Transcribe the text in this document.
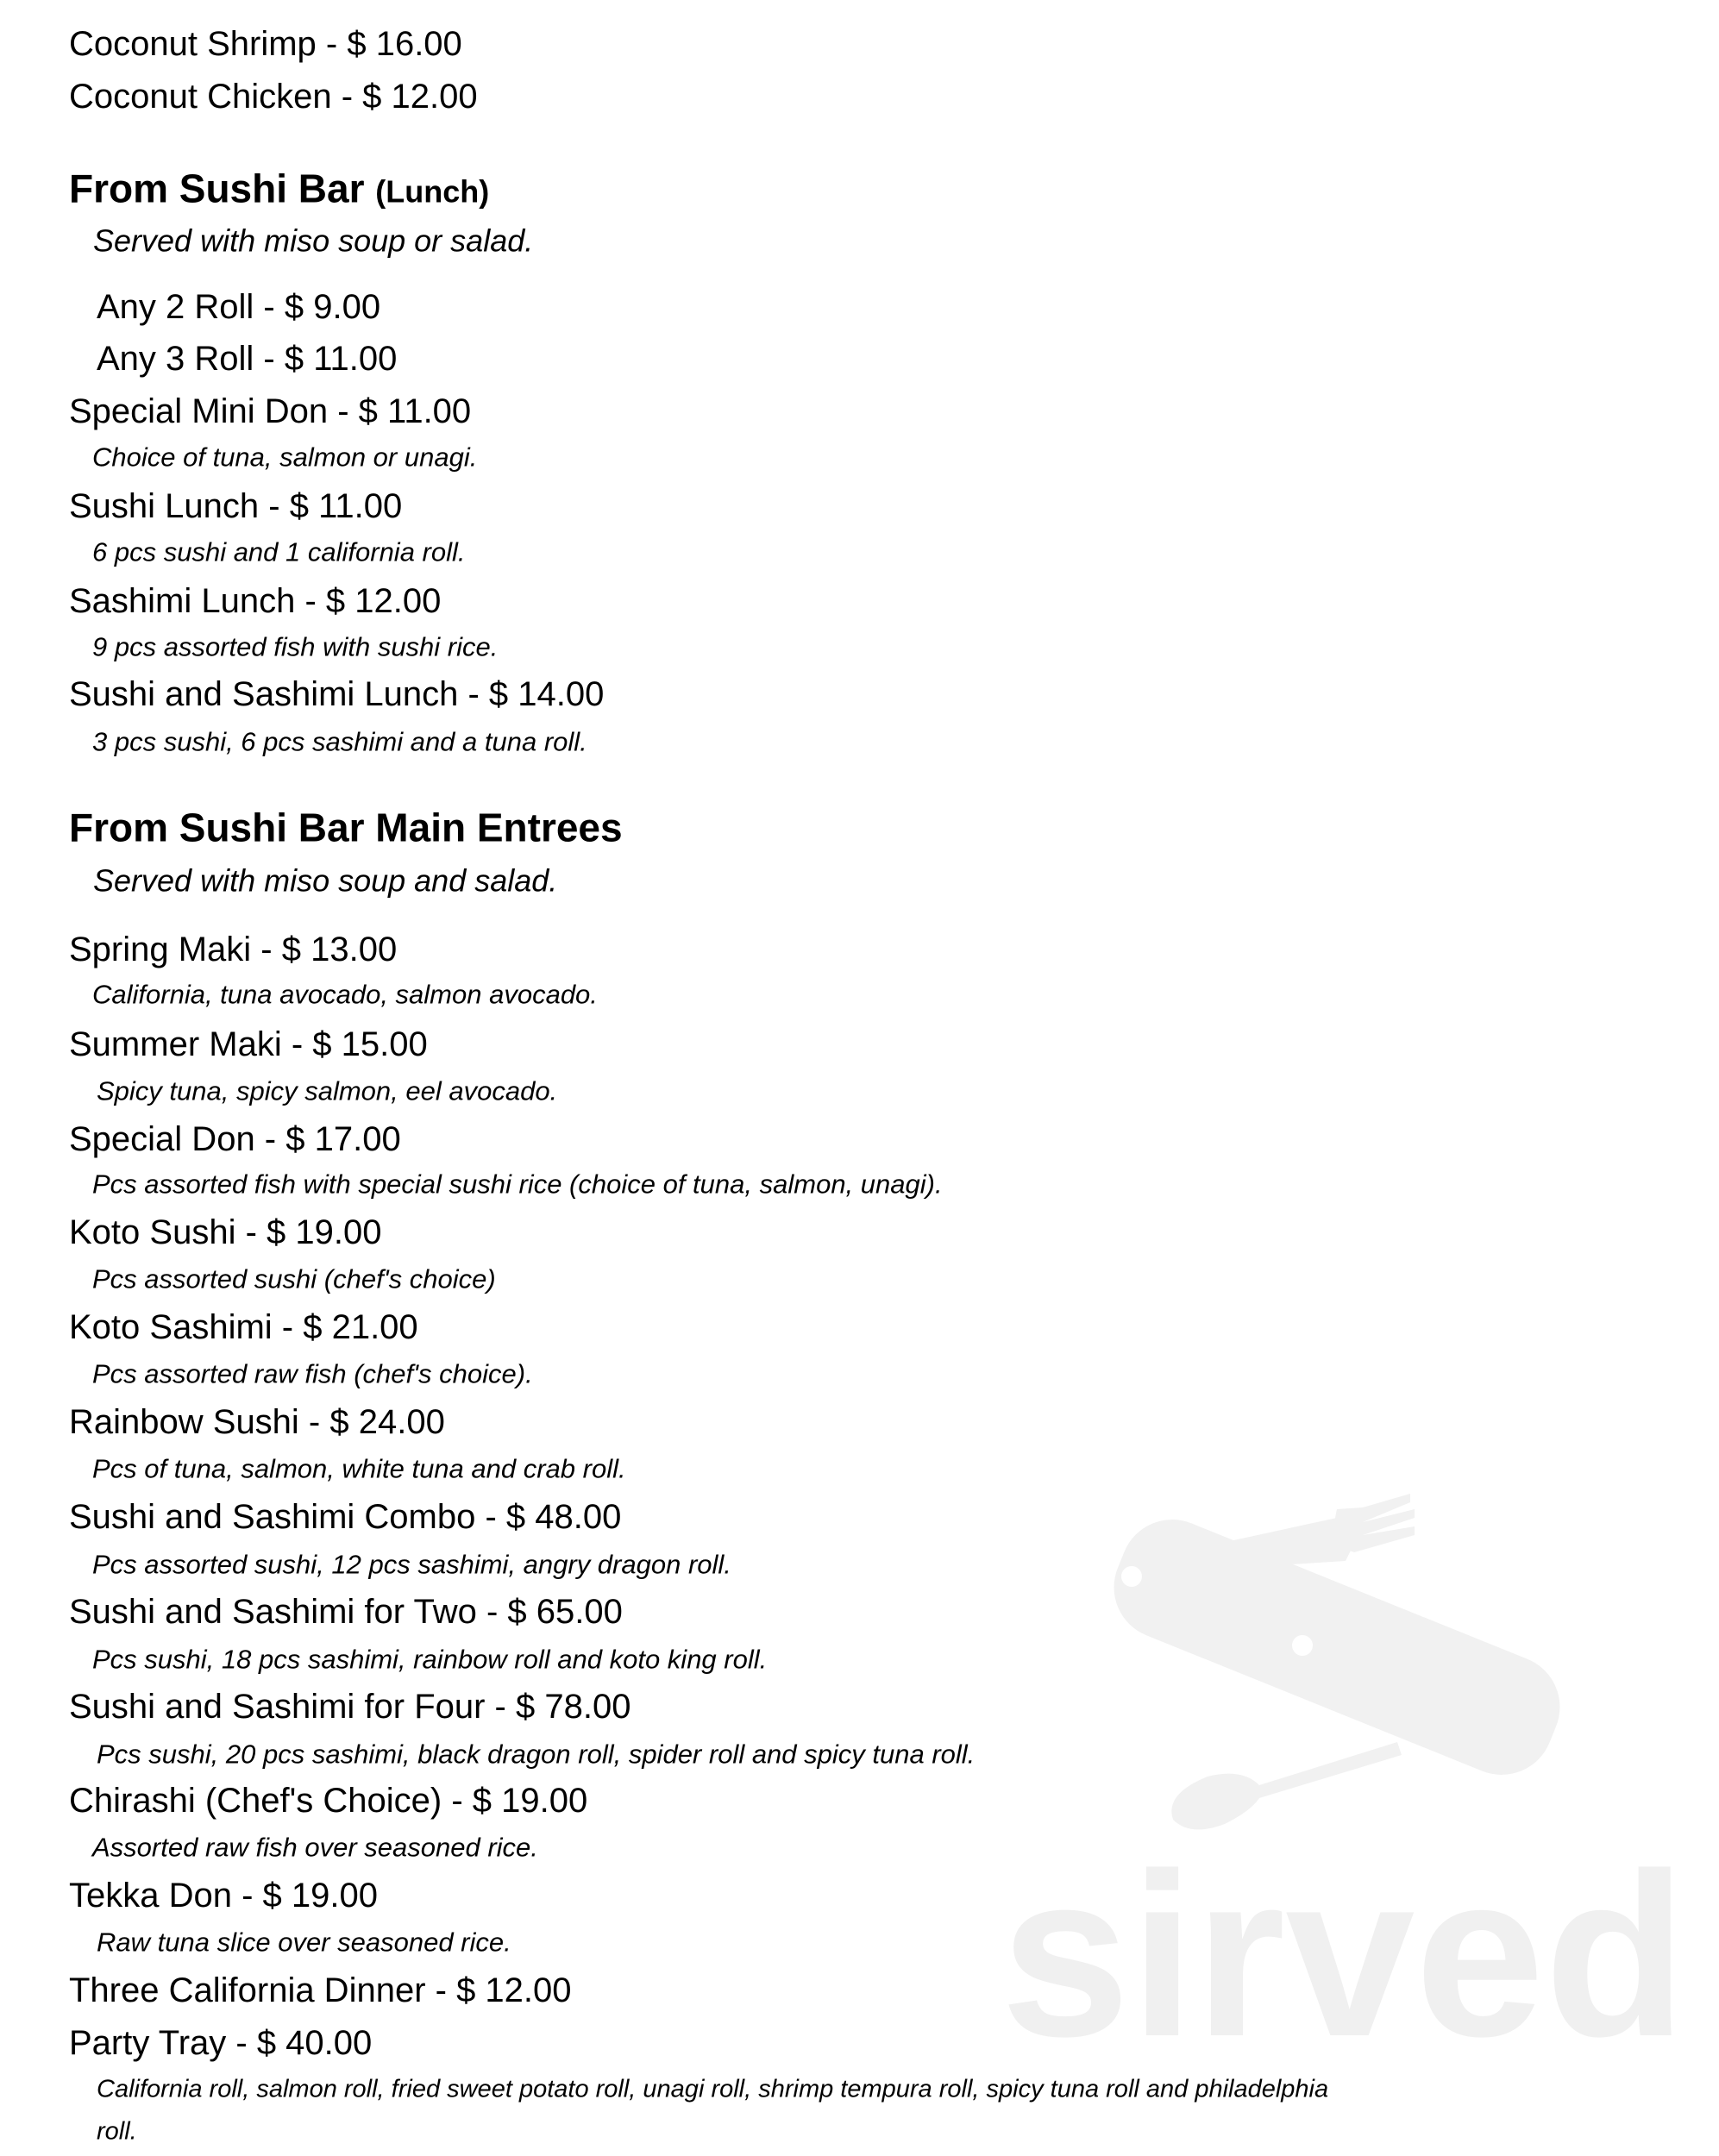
sirved
Coconut Shrimp - $ 16.00
Coconut Chicken - $ 12.00
From Sushi Bar (Lunch)
Served with miso soup or salad.
Any 2 Roll - $ 9.00
Any 3 Roll - $ 11.00
Special Mini Don - $ 11.00
Choice of tuna, salmon or unagi.
Sushi Lunch - $ 11.00
6 pcs sushi and 1 california roll.
Sashimi Lunch - $ 12.00
9 pcs assorted fish with sushi rice.
Sushi and Sashimi Lunch - $ 14.00
3 pcs sushi, 6 pcs sashimi and a tuna roll.
From Sushi Bar Main Entrees
Served with miso soup and salad.
Spring Maki - $ 13.00
California, tuna avocado, salmon avocado.
Summer Maki - $ 15.00
Spicy tuna, spicy salmon, eel avocado.
Special Don - $ 17.00
Pcs assorted fish with special sushi rice (choice of tuna, salmon, unagi).
Koto Sushi - $ 19.00
Pcs assorted sushi (chef's choice)
Koto Sashimi - $ 21.00
Pcs assorted raw fish (chef's choice).
Rainbow Sushi - $ 24.00
Pcs of tuna, salmon, white tuna and crab roll.
Sushi and Sashimi Combo - $ 48.00
Pcs assorted sushi, 12 pcs sashimi, angry dragon roll.
Sushi and Sashimi for Two - $ 65.00
Pcs sushi, 18 pcs sashimi, rainbow roll and koto king roll.
Sushi and Sashimi for Four - $ 78.00
Pcs sushi, 20 pcs sashimi, black dragon roll, spider roll and spicy tuna roll.
Chirashi (Chef's Choice) - $ 19.00
Assorted raw fish over seasoned rice.
Tekka Don - $ 19.00
Raw tuna slice over seasoned rice.
Three California Dinner - $ 12.00
Party Tray - $ 40.00
California roll, salmon roll, fried sweet potato roll, unagi roll, shrimp tempura roll, spicy tuna roll and philadelphia
roll.
